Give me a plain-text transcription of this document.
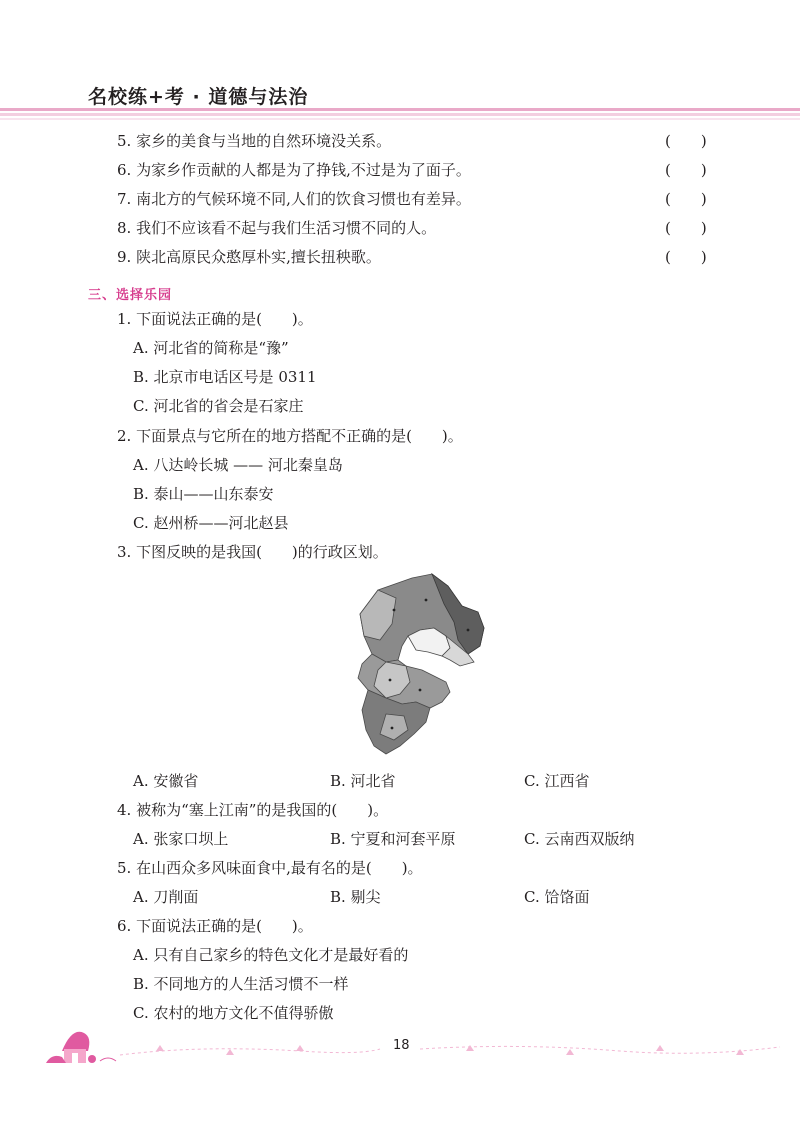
名校练+考 · 道德与法治
5. 家乡的美食与当地的自然环境没关系。	(　　)
6. 为家乡作贡献的人都是为了挣钱,不过是为了面子。	(　　)
7. 南北方的气候环境不同,人们的饮食习惯也有差异。	(　　)
8. 我们不应该看不起与我们生活习惯不同的人。	(　　)
9. 陕北高原民众憨厚朴实,擅长扭秧歌。	(　　)
三、选择乐园
1. 下面说法正确的是(　　)。
A. 河北省的简称是“豫”
B. 北京市电话区号是 0311
C. 河北省的省会是石家庄
2. 下面景点与它所在的地方搭配不正确的是(　　)。
A. 八达岭长城 —— 河北秦皇岛
B. 泰山——山东泰安
C. 赵州桥——河北赵县
3. 下图反映的是我国(　　)的行政区划。
A. 安徽省	B. 河北省	C. 江西省
4. 被称为“塞上江南”的是我国的(　　)。
A. 张家口坝上	B. 宁夏和河套平原	C. 云南西双版纳
5. 在山西众多风味面食中,最有名的是(　　)。
A. 刀削面	B. 剔尖	C. 饸饹面
6. 下面说法正确的是(　　)。
A. 只有自己家乡的特色文化才是最好看的
B. 不同地方的人生活习惯不一样
C. 农村的地方文化不值得骄傲
18
